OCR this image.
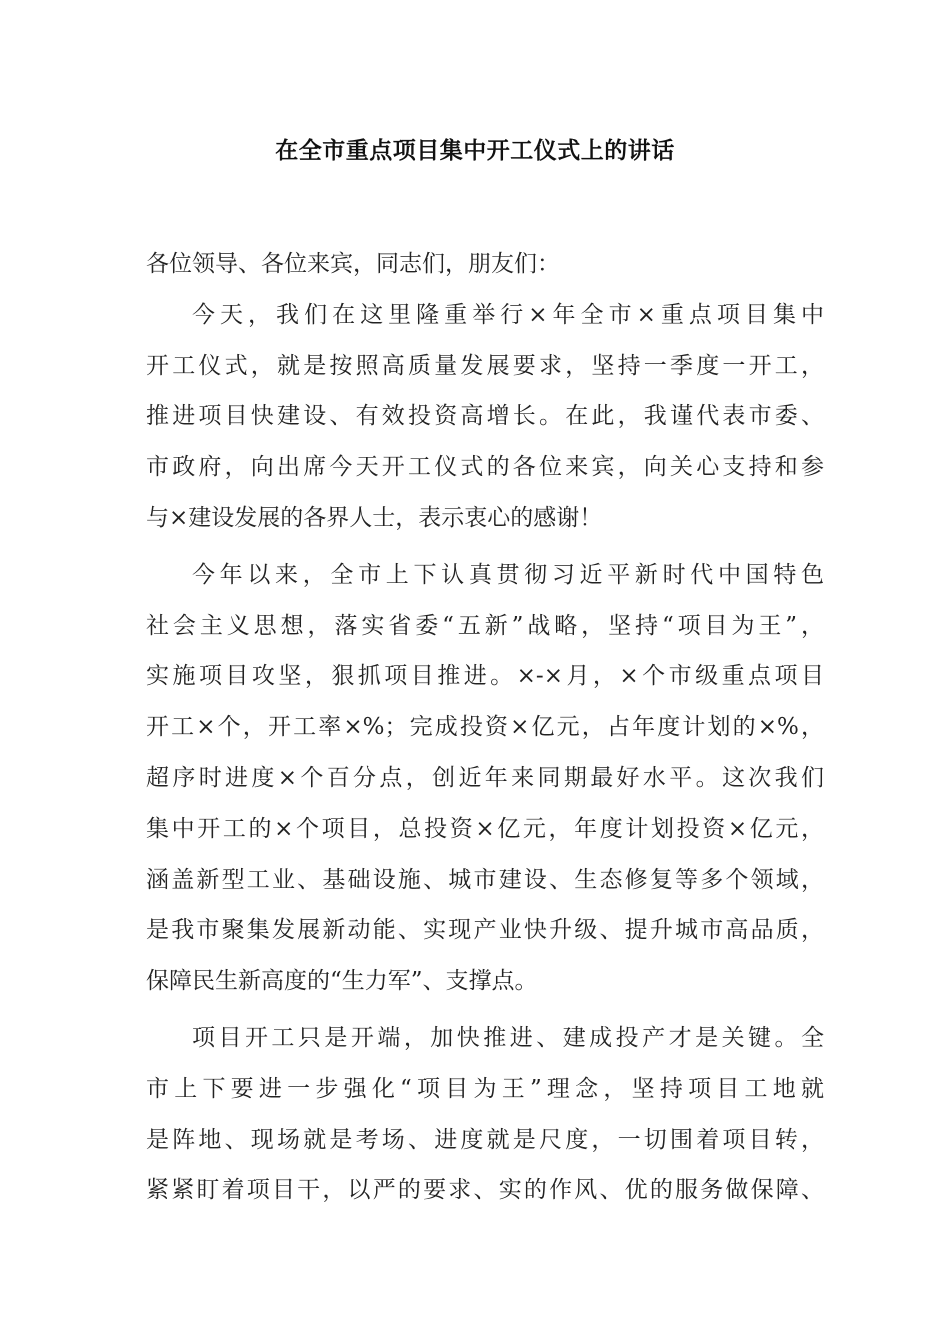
在全市重点项目集中开工仪式上的讲话

各位领导、各位来宾，同志们，朋友们：

今天，我们在这里隆重举行×年全市×重点项目集中
开工仪式，就是按照高质量发展要求，坚持一季度一开工，
推进项目快建设、有效投资高增长。在此，我谨代表市委、
市政府，向出席今天开工仪式的各位来宾，向关心支持和参
与×建设发展的各界人士，表示衷心的感谢！
今年以来，全市上下认真贯彻习近平新时代中国特色
社会主义思想，落实省委“五新”战略，坚持“项目为王”，
实施项目攻坚，狠抓项目推进。×-×月，×个市级重点项目
开工×个，开工率×%；完成投资×亿元，占年度计划的×%，
超序时进度×个百分点，创近年来同期最好水平。这次我们
集中开工的×个项目，总投资×亿元，年度计划投资×亿元，
涵盖新型工业、基础设施、城市建设、生态修复等多个领域，
是我市聚集发展新动能、实现产业快升级、提升城市高品质，
保障民生新高度的“生力军”、支撑点。
项目开工只是开端，加快推进、建成投产才是关键。全
市上下要进一步强化“项目为王”理念，坚持项目工地就
是阵地、现场就是考场、进度就是尺度，一切围着项目转，
紧紧盯着项目干，以严的要求、实的作风、优的服务做保障、
